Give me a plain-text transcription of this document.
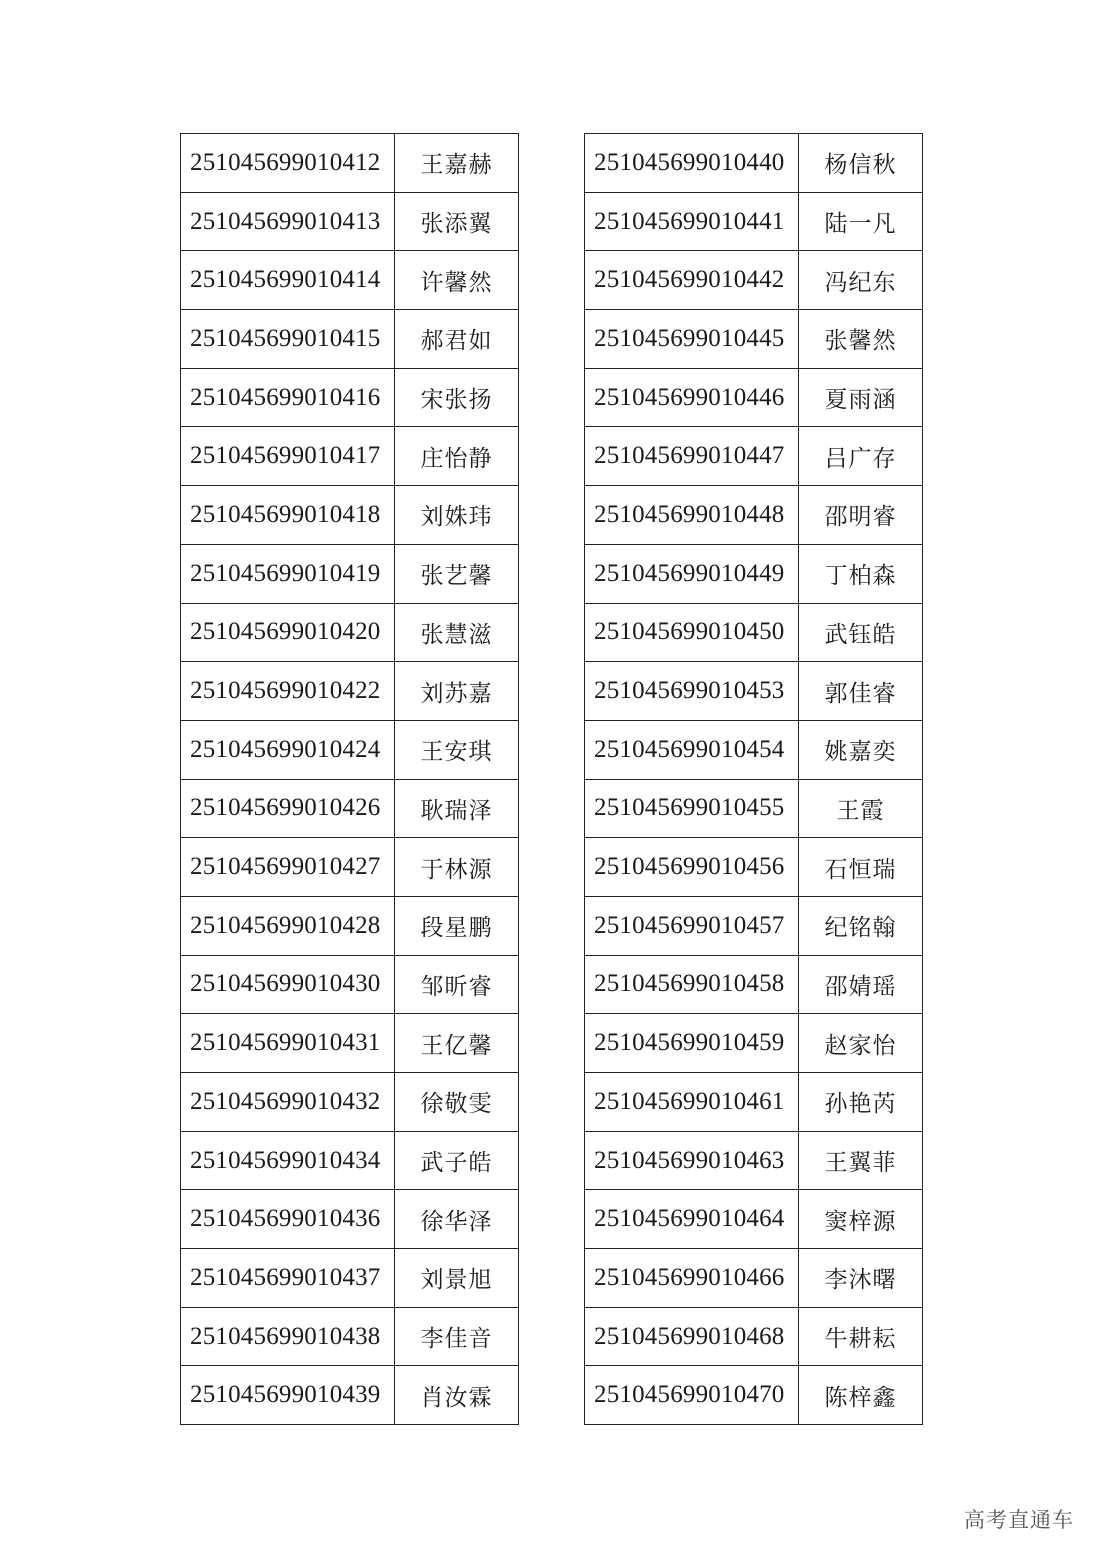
251045699010412	王嘉赫
251045699010413	张添翼
251045699010414	许馨然
251045699010415	郝君如
251045699010416	宋张扬
251045699010417	庄怡静
251045699010418	刘姝玮
251045699010419	张艺馨
251045699010420	张慧滋
251045699010422	刘苏嘉
251045699010424	王安琪
251045699010426	耿瑞泽
251045699010427	于林源
251045699010428	段星鹏
251045699010430	邹昕睿
251045699010431	王亿馨
251045699010432	徐敬雯
251045699010434	武子皓
251045699010436	徐华泽
251045699010437	刘景旭
251045699010438	李佳音
251045699010439	肖汝霖
251045699010440	杨信秋
251045699010441	陆一凡
251045699010442	冯纪东
251045699010445	张馨然
251045699010446	夏雨涵
251045699010447	吕广存
251045699010448	邵明睿
251045699010449	丁柏森
251045699010450	武钰皓
251045699010453	郭佳睿
251045699010454	姚嘉奕
251045699010455	王霞
251045699010456	石恒瑞
251045699010457	纪铭翰
251045699010458	邵婧瑶
251045699010459	赵家怡
251045699010461	孙艳芮
251045699010463	王翼菲
251045699010464	窦梓源
251045699010466	李沐曙
251045699010468	牛耕耘
251045699010470	陈梓鑫
高考直通车
